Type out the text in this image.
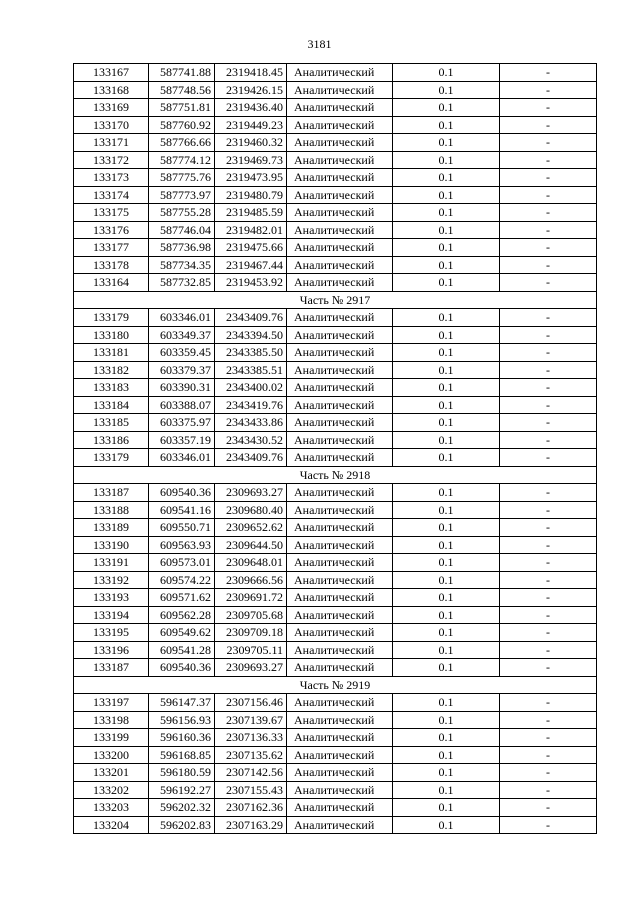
3181
133167	587741.88	2319418.45	Аналитический	0.1	-
133168	587748.56	2319426.15	Аналитический	0.1	-
133169	587751.81	2319436.40	Аналитический	0.1	-
133170	587760.92	2319449.23	Аналитический	0.1	-
133171	587766.66	2319460.32	Аналитический	0.1	-
133172	587774.12	2319469.73	Аналитический	0.1	-
133173	587775.76	2319473.95	Аналитический	0.1	-
133174	587773.97	2319480.79	Аналитический	0.1	-
133175	587755.28	2319485.59	Аналитический	0.1	-
133176	587746.04	2319482.01	Аналитический	0.1	-
133177	587736.98	2319475.66	Аналитический	0.1	-
133178	587734.35	2319467.44	Аналитический	0.1	-
133164	587732.85	2319453.92	Аналитический	0.1	-
Часть № 2917					
133179	603346.01	2343409.76	Аналитический	0.1	-
133180	603349.37	2343394.50	Аналитический	0.1	-
133181	603359.45	2343385.50	Аналитический	0.1	-
133182	603379.37	2343385.51	Аналитический	0.1	-
133183	603390.31	2343400.02	Аналитический	0.1	-
133184	603388.07	2343419.76	Аналитический	0.1	-
133185	603375.97	2343433.86	Аналитический	0.1	-
133186	603357.19	2343430.52	Аналитический	0.1	-
133179	603346.01	2343409.76	Аналитический	0.1	-
Часть № 2918					
133187	609540.36	2309693.27	Аналитический	0.1	-
133188	609541.16	2309680.40	Аналитический	0.1	-
133189	609550.71	2309652.62	Аналитический	0.1	-
133190	609563.93	2309644.50	Аналитический	0.1	-
133191	609573.01	2309648.01	Аналитический	0.1	-
133192	609574.22	2309666.56	Аналитический	0.1	-
133193	609571.62	2309691.72	Аналитический	0.1	-
133194	609562.28	2309705.68	Аналитический	0.1	-
133195	609549.62	2309709.18	Аналитический	0.1	-
133196	609541.28	2309705.11	Аналитический	0.1	-
133187	609540.36	2309693.27	Аналитический	0.1	-
Часть № 2919					
133197	596147.37	2307156.46	Аналитический	0.1	-
133198	596156.93	2307139.67	Аналитический	0.1	-
133199	596160.36	2307136.33	Аналитический	0.1	-
133200	596168.85	2307135.62	Аналитический	0.1	-
133201	596180.59	2307142.56	Аналитический	0.1	-
133202	596192.27	2307155.43	Аналитический	0.1	-
133203	596202.32	2307162.36	Аналитический	0.1	-
133204	596202.83	2307163.29	Аналитический	0.1	-
